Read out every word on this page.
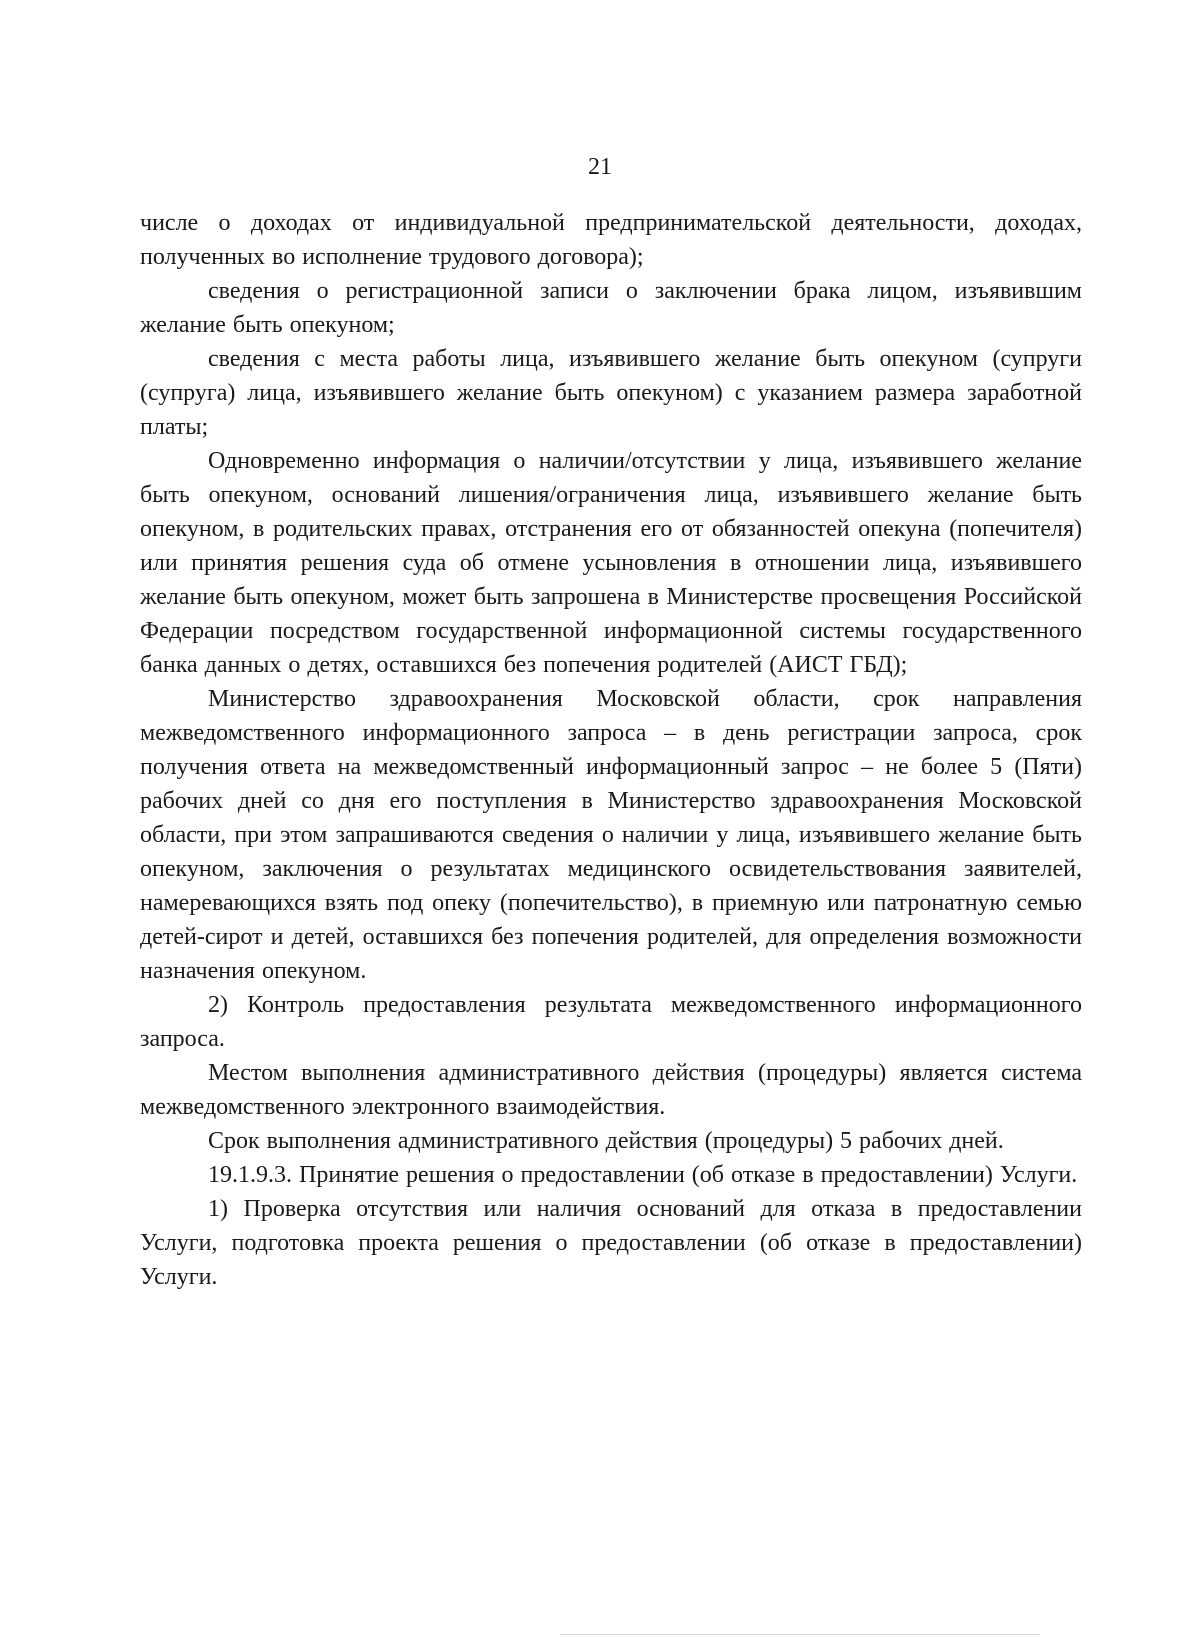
21

числе о доходах от индивидуальной предпринимательской деятельности, доходах, полученных во исполнение трудового договора);

сведения о регистрационной записи о заключении брака лицом, изъявившим желание быть опекуном;

сведения с места работы лица, изъявившего желание быть опекуном (супруги (супруга) лица, изъявившего желание быть опекуном) с указанием размера заработной платы;

Одновременно информация о наличии/отсутствии у лица, изъявившего желание быть опекуном, оснований лишения/ограничения лица, изъявившего желание быть опекуном, в родительских правах, отстранения его от обязанностей опекуна (попечителя) или принятия решения суда об отмене усыновления в отношении лица, изъявившего желание быть опекуном, может быть запрошена в Министерстве просвещения Российской Федерации посредством государственной информационной системы государственного банка данных о детях, оставшихся без попечения родителей (АИСТ ГБД);

Министерство здравоохранения Московской области, срок направления межведомственного информационного запроса – в день регистрации запроса, срок получения ответа на межведомственный информационный запрос – не более 5 (Пяти) рабочих дней со дня его поступления в Министерство здравоохранения Московской области, при этом запрашиваются сведения о наличии у лица, изъявившего желание быть опекуном, заключения о результатах медицинского освидетельствования заявителей, намеревающихся взять под опеку (попечительство), в приемную или патронатную семью детей-сирот и детей, оставшихся без попечения родителей, для определения возможности назначения опекуном.

2) Контроль предоставления результата межведомственного информационного запроса.

Местом выполнения административного действия (процедуры) является система межведомственного электронного взаимодействия.

Срок выполнения административного действия (процедуры) 5 рабочих дней.

19.1.9.3. Принятие решения о предоставлении (об отказе в предоставлении) Услуги.

1) Проверка отсутствия или наличия оснований для отказа в предоставлении Услуги, подготовка проекта решения о предоставлении (об отказе в предоставлении) Услуги.
